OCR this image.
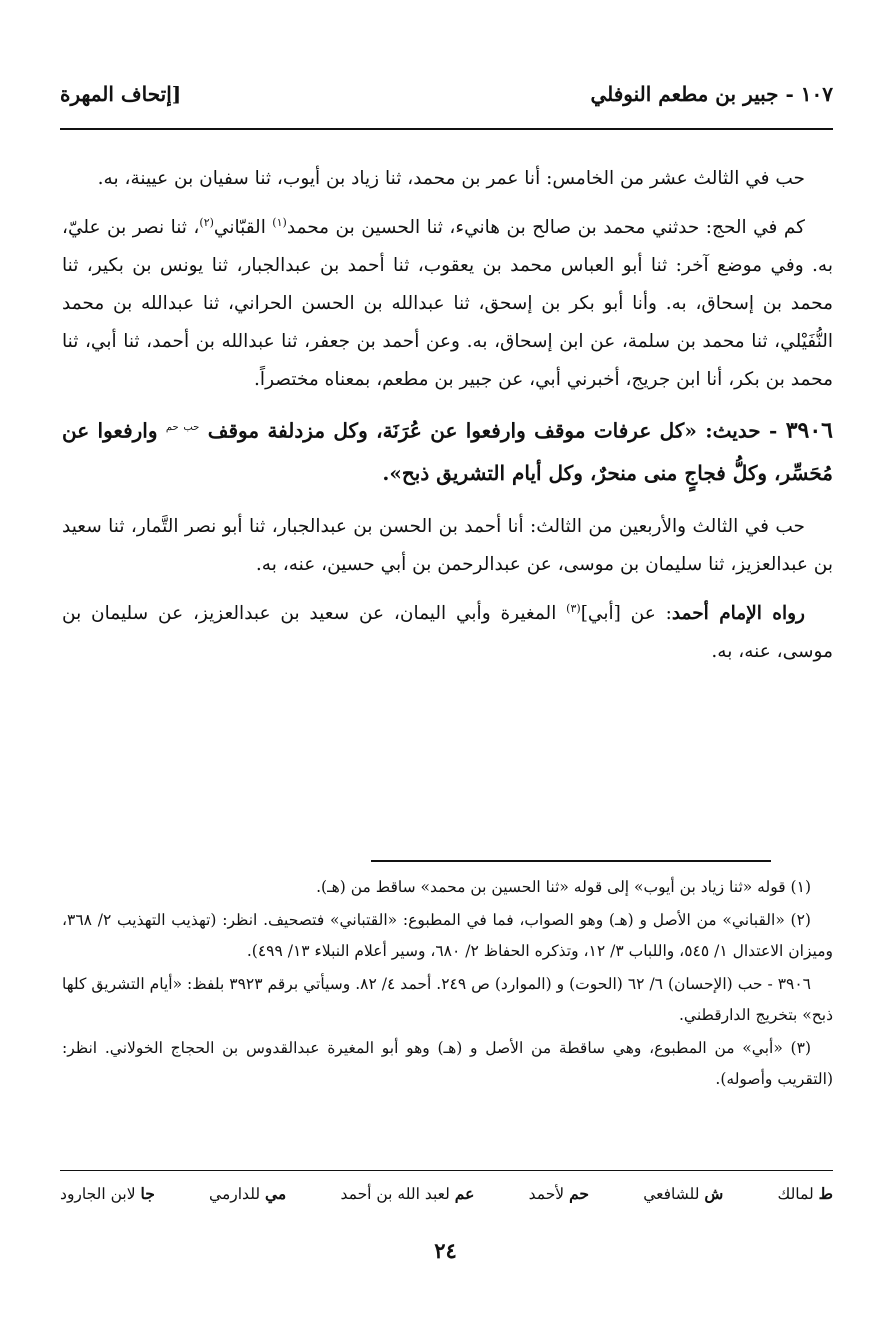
١٠٧ - جبير بن مطعم النوفلي
[إتحاف المهرة

حب في الثالث عشر من الخامس: أنا عمر بن محمد، ثنا زياد بن أيوب، ثنا سفيان بن عيينة، به.

كم في الحج: حدثني محمد بن صالح بن هانيء، ثنا الحسين بن محمد$^{(١)}$ القبّاني$^{(٢)}$، ثنا نصر بن عليّ، به. وفي موضع آخر: ثنا أبو العباس محمد بن يعقوب، ثنا أحمد بن عبدالجبار، ثنا يونس بن بكير، ثنا محمد بن إسحاق، به. وأنا أبو بكر بن إسحق، ثنا عبدالله بن الحسن الحراني، ثنا عبدالله بن محمد النُّفَيْلي، ثنا محمد بن سلمة، عن ابن إسحاق، به. وعن أحمد بن جعفر، ثنا عبدالله بن أحمد، ثنا أبي، ثنا محمد بن بكر، أنا ابن جريج، أخبرني أبي، عن جبير بن مطعم، بمعناه مختصراً.

٣٩٠٦ - حديث: «كل عرفات موقف وارفعوا عن عُرَنَة، وكل مزدلفة موقف $^{حب حم}$ وارفعوا عن مُحَسِّر، وكلُّ فجاجٍ منى منحرٌ، وكل أيام التشريق ذبح».

حب في الثالث والأربعين من الثالث: أنا أحمد بن الحسن بن عبدالجبار، ثنا أبو نصر التَّمار، ثنا سعيد بن عبدالعزيز، ثنا سليمان بن موسى، عن عبدالرحمن بن أبي حسين، عنه، به.

رواه الإمام أحمد: عن [أبي]$^{(٣)}$ المغيرة وأبي اليمان، عن سعيد بن عبدالعزيز، عن سليمان بن موسى، عنه، به.

(١) قوله «ثنا زياد بن أيوب» إلى قوله «ثنا الحسين بن محمد» ساقط من (هـ).

(٢) «القباني» من الأصل و (هـ) وهو الصواب، فما في المطبوع: «القتباني» فتصحيف. انظر: (تهذيب التهذيب ٢/ ٣٦٨، وميزان الاعتدال ١/ ٥٤٥، واللباب ٣/ ١٢، وتذكره الحفاظ ٢/ ٦٨٠، وسير أعلام النبلاء ١٣/ ٤٩٩).

٣٩٠٦ - حب (الإحسان) ٦/ ٦٢ (الحوت) و (الموارد) ص ٢٤٩. أحمد ٤/ ٨٢. وسيأتي برقم ٣٩٢٣ بلفظ: «أيام التشريق كلها ذبح» بتخريج الدارقطني.

(٣) «أبي» من المطبوع، وهي ساقطة من الأصل و (هـ) وهو أبو المغيرة عبدالقدوس بن الحجاج الخولاني. انظر: (التقريب وأصوله).

ط لمالك
ش للشافعي
حم لأحمد
عم لعبد الله بن أحمد
مي للدارمي
جا لابن الجارود
٢٤
